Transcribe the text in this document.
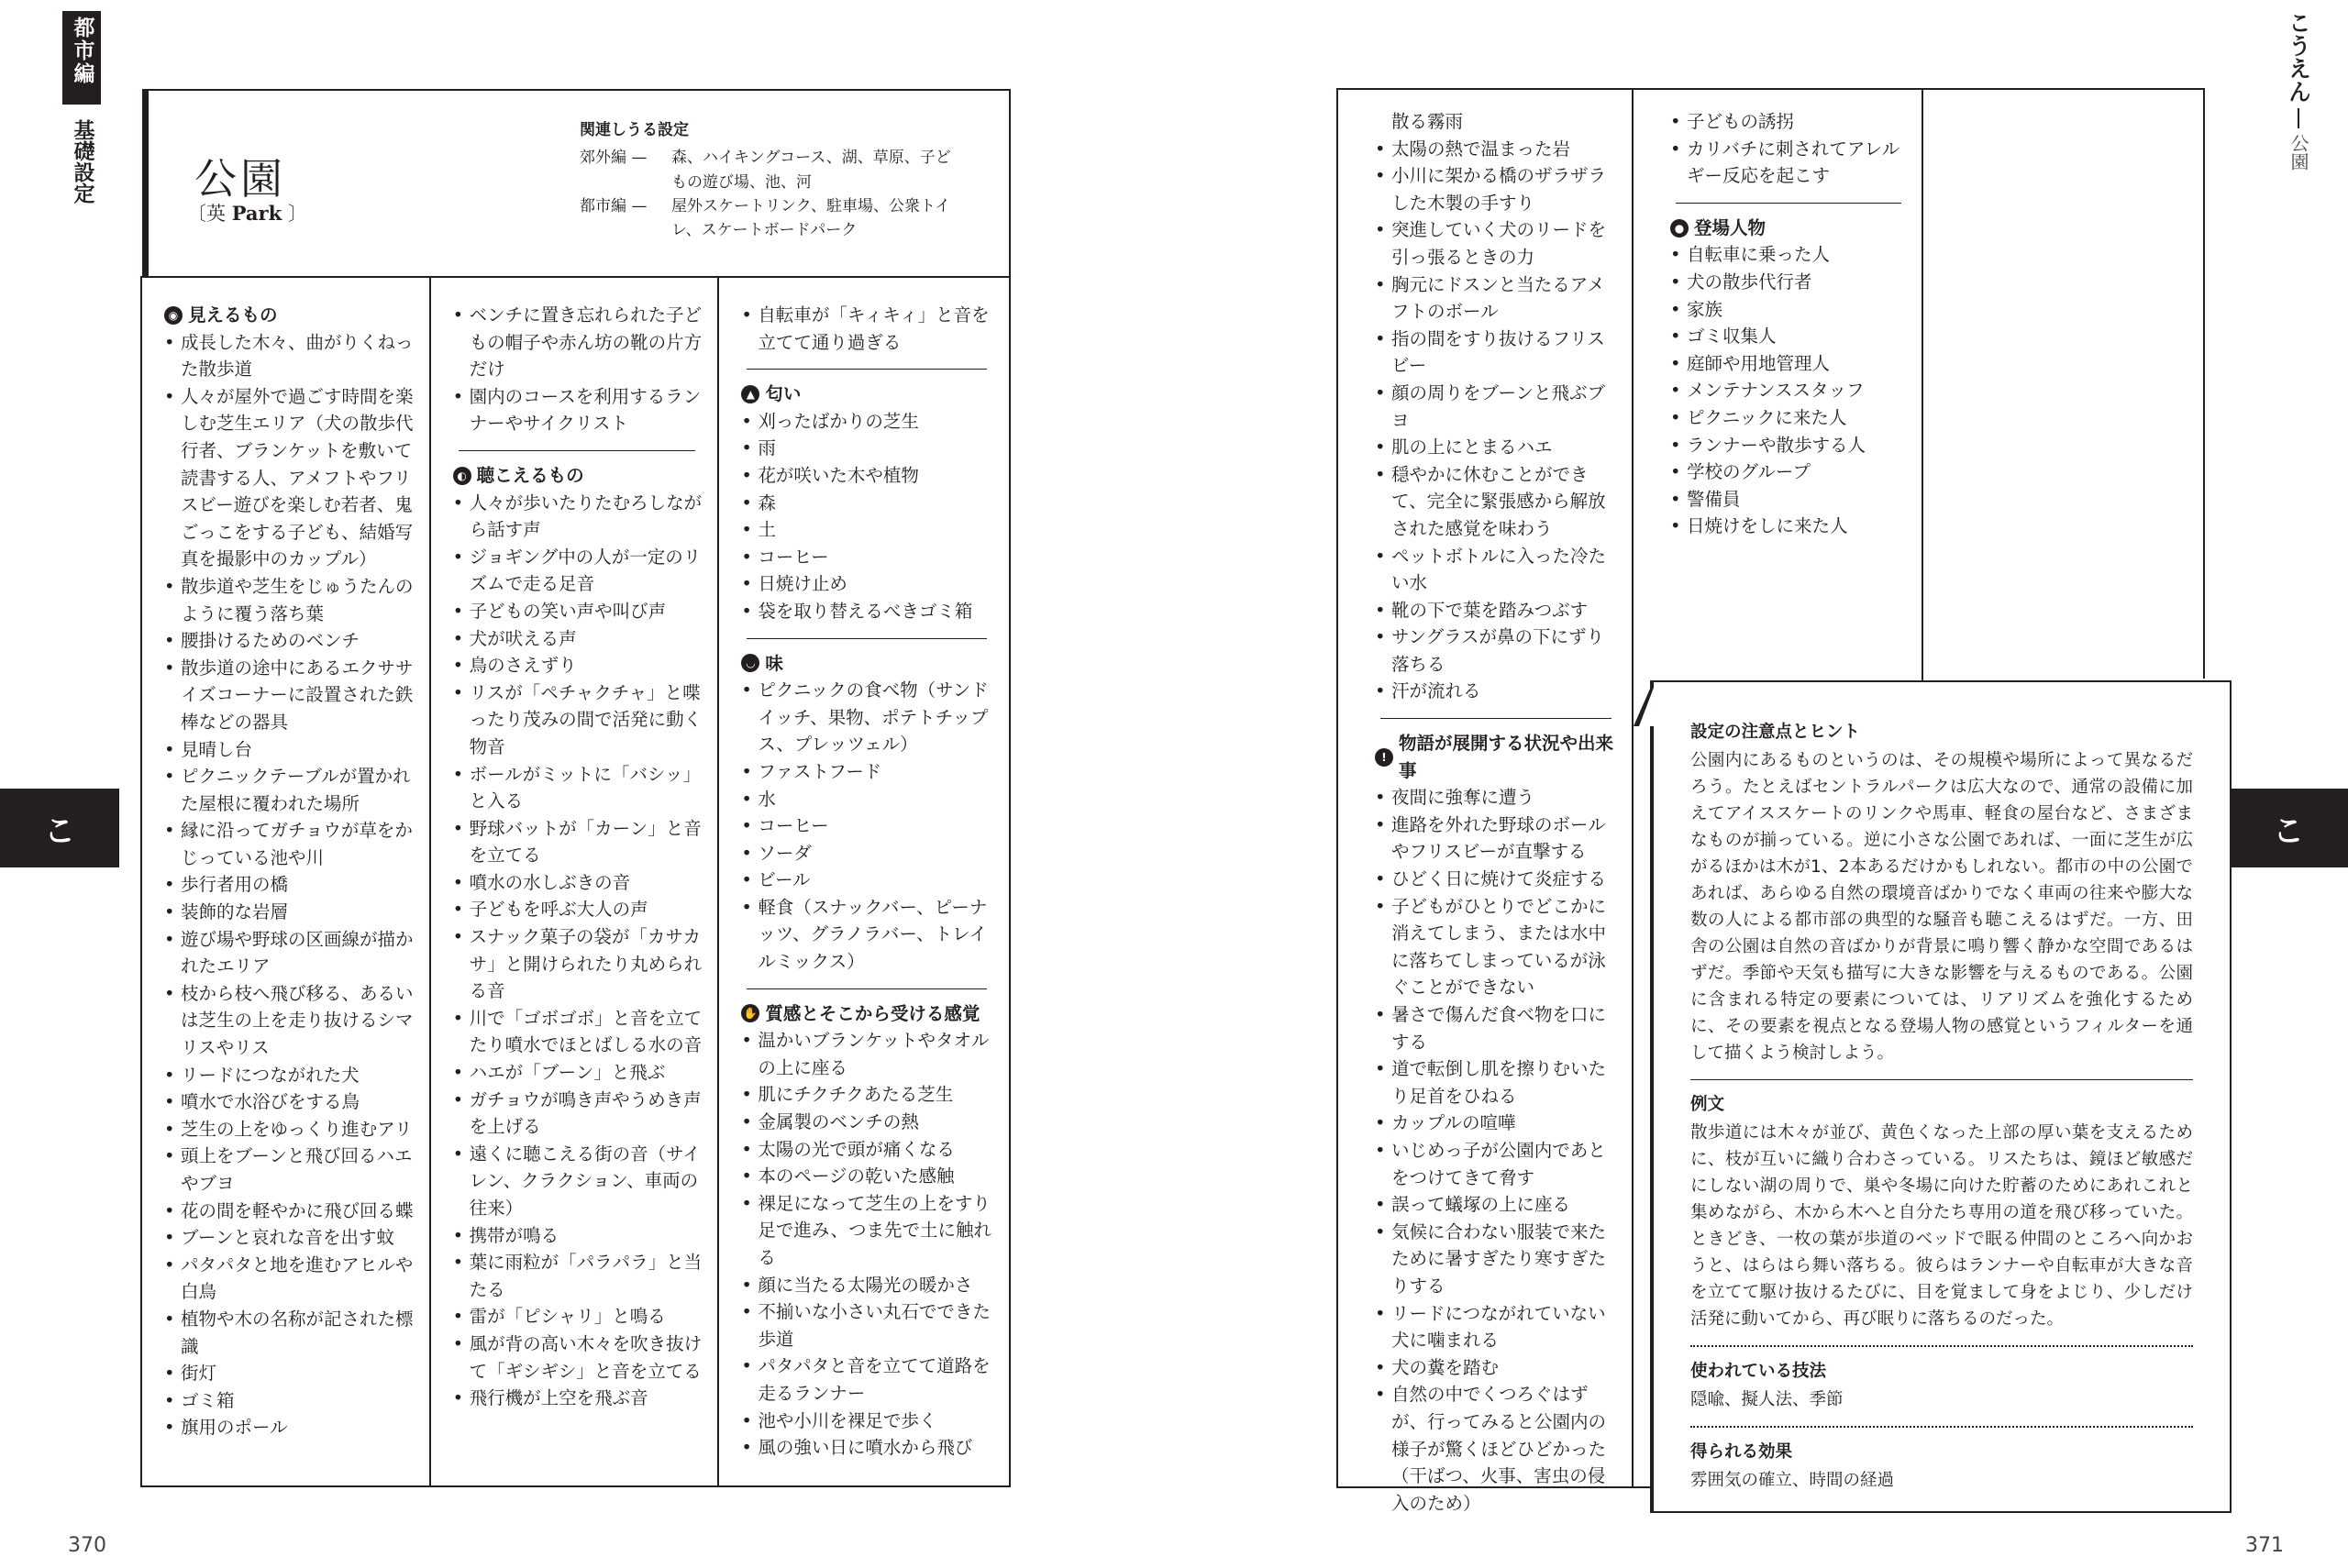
都市編
基礎設定
こ
公園
〔英 Park 〕
関連しうる設定
郊外編 —	森、ハイキングコース、湖、草原、子どもの遊び場、池、河
都市編 —	屋外スケートリンク、駐車場、公衆トイレ、スケートボードパーク
◉ 見えるもの
• 成長した木々、曲がりくねった散歩道
• 人々が屋外で過ごす時間を楽しむ芝生エリア（犬の散歩代行者、ブランケットを敷いて読書する人、アメフトやフリスビー遊びを楽しむ若者、鬼ごっこをする子ども、結婚写真を撮影中のカップル）
• 散歩道や芝生をじゅうたんのように覆う落ち葉
• 腰掛けるためのベンチ
• 散歩道の途中にあるエクササイズコーナーに設置された鉄棒などの器具
• 見晴し台
• ピクニックテーブルが置かれた屋根に覆われた場所
• 縁に沿ってガチョウが草をかじっている池や川
• 歩行者用の橋
• 装飾的な岩層
• 遊び場や野球の区画線が描かれたエリア
• 枝から枝へ飛び移る、あるいは芝生の上を走り抜けるシマリスやリス
• リードにつながれた犬
• 噴水で水浴びをする鳥
• 芝生の上をゆっくり進むアリ
• 頭上をブーンと飛び回るハエやブヨ
• 花の間を軽やかに飛び回る蝶
• ブーンと哀れな音を出す蚊
• パタパタと地を進むアヒルや白鳥
• 植物や木の名称が記された標識
• 街灯
• ゴミ箱
• 旗用のポール
• ベンチに置き忘れられた子どもの帽子や赤ん坊の靴の片方だけ
• 園内のコースを利用するランナーやサイクリスト
◐ 聴こえるもの
• 人々が歩いたりたむろしながら話す声
• ジョギング中の人が一定のリズムで走る足音
• 子どもの笑い声や叫び声
• 犬が吠える声
• 鳥のさえずり
• リスが「ペチャクチャ」と喋ったり茂みの間で活発に動く物音
• ボールがミットに「バシッ」と入る
• 野球バットが「カーン」と音を立てる
• 噴水の水しぶきの音
• 子どもを呼ぶ大人の声
• スナック菓子の袋が「カサカサ」と開けられたり丸められる音
• 川で「ゴボゴボ」と音を立てたり噴水でほとばしる水の音
• ハエが「ブーン」と飛ぶ
• ガチョウが鳴き声やうめき声を上げる
• 遠くに聴こえる街の音（サイレン、クラクション、車両の往来）
• 携帯が鳴る
• 葉に雨粒が「パラパラ」と当たる
• 雷が「ピシャリ」と鳴る
• 風が背の高い木々を吹き抜けて「ギシギシ」と音を立てる
• 飛行機が上空を飛ぶ音
• 自転車が「キィキィ」と音を立てて通り過ぎる
▲ 匂い
• 刈ったばかりの芝生
• 雨
• 花が咲いた木や植物
• 森
• 土
• コーヒー
• 日焼け止め
• 袋を取り替えるべきゴミ箱
◡ 味
• ピクニックの食べ物（サンドイッチ、果物、ポテトチップス、プレッツェル）
• ファストフード
• 水
• コーヒー
• ソーダ
• ビール
• 軽食（スナックバー、ピーナッツ、グラノラバー、トレイルミックス）
✋ 質感とそこから受ける感覚
• 温かいブランケットやタオルの上に座る
• 肌にチクチクあたる芝生
• 金属製のベンチの熱
• 太陽の光で頭が痛くなる
• 本のページの乾いた感触
• 裸足になって芝生の上をすり足で進み、つま先で土に触れる
• 顔に当たる太陽光の暖かさ
• 不揃いな小さい丸石でできた歩道
• パタパタと音を立てて道路を走るランナー
• 池や小川を裸足で歩く
• 風の強い日に噴水から飛び
370
こうえん
公園
こ
散る霧雨
• 太陽の熱で温まった岩
• 小川に架かる橋のザラザラした木製の手すり
• 突進していく犬のリードを引っ張るときの力
• 胸元にドスンと当たるアメフトのボール
• 指の間をすり抜けるフリスビー
• 顔の周りをブーンと飛ぶブヨ
• 肌の上にとまるハエ
• 穏やかに休むことができて、完全に緊張感から解放された感覚を味わう
• ペットボトルに入った冷たい水
• 靴の下で葉を踏みつぶす
• サングラスが鼻の下にずり落ちる
• 汗が流れる
!
物語が展開する状況や出来事
• 夜間に強奪に遭う
• 進路を外れた野球のボールやフリスビーが直撃する
• ひどく日に焼けて炎症する
• 子どもがひとりでどこかに消えてしまう、または水中に落ちてしまっているが泳ぐことができない
• 暑さで傷んだ食べ物を口にする
• 道で転倒し肌を擦りむいたり足首をひねる
• カップルの喧嘩
• いじめっ子が公園内であとをつけてきて脅す
• 誤って蟻塚の上に座る
• 気候に合わない服装で来たために暑すぎたり寒すぎたりする
• リードにつながれていない犬に噛まれる
• 犬の糞を踏む
• 自然の中でくつろぐはずが、行ってみると公園内の様子が驚くほどひどかった（干ばつ、火事、害虫の侵入のため）
• 子どもの誘拐
• カリバチに刺されてアレルギー反応を起こす
● 登場人物
• 自転車に乗った人
• 犬の散歩代行者
• 家族
• ゴミ収集人
• 庭師や用地管理人
• メンテナンススタッフ
• ピクニックに来た人
• ランナーや散歩する人
• 学校のグループ
• 警備員
• 日焼けをしに来た人
設定の注意点とヒント

公園内にあるものというのは、その規模や場所によって異なるだろう。たとえばセントラルパークは広大なので、通常の設備に加えてアイススケートのリンクや馬車、軽食の屋台など、さまざまなものが揃っている。逆に小さな公園であれば、一面に芝生が広がるほかは木が1、2本あるだけかもしれない。都市の中の公園であれば、あらゆる自然の環境音ばかりでなく車両の往来や膨大な数の人による都市部の典型的な騒音も聴こえるはずだ。一方、田舎の公園は自然の音ばかりが背景に鳴り響く静かな空間であるはずだ。季節や天気も描写に大きな影響を与えるものである。公園に含まれる特定の要素については、リアリズムを強化するために、その要素を視点となる登場人物の感覚というフィルターを通して描くよう検討しよう。

例文

散歩道には木々が並び、黄色くなった上部の厚い葉を支えるために、枝が互いに織り合わさっている。リスたちは、鏡ほど敏感だにしない湖の周りで、巣や冬場に向けた貯蓄のためにあれこれと集めながら、木から木へと自分たち専用の道を飛び移っていた。ときどき、一枚の葉が歩道のベッドで眠る仲間のところへ向かおうと、はらはら舞い落ちる。彼らはランナーや自転車が大きな音を立てて駆け抜けるたびに、目を覚まして身をよじり、少しだけ活発に動いてから、再び眠りに落ちるのだった。

使われている技法

隠喩、擬人法、季節

得られる効果

雰囲気の確立、時間の経過

371
